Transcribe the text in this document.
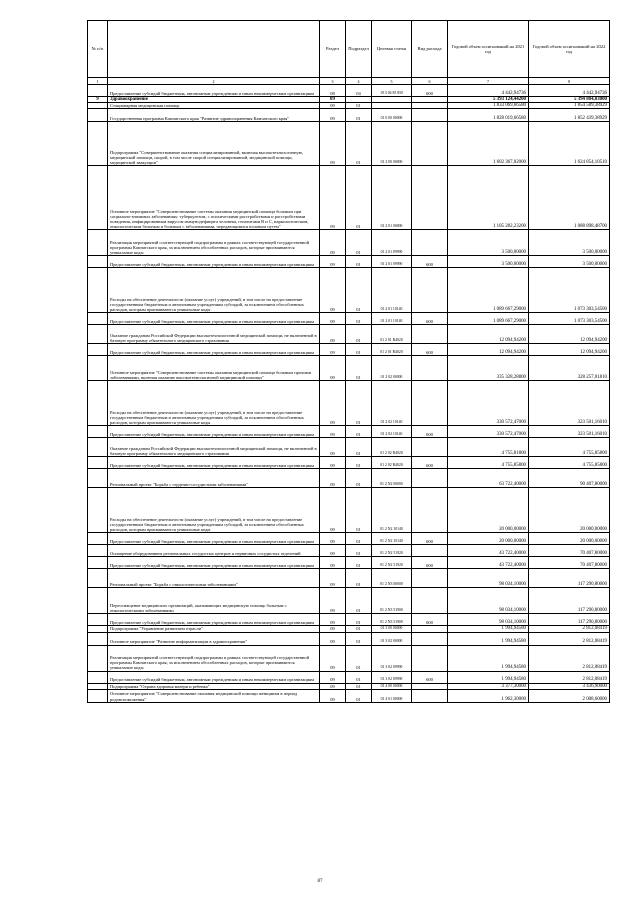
№ п/п		Раздел	Подраздел	Целевая статья	Вид расхода	Годовой объем ассигнований на 2021 год	Годовой объем ассигнований на 2022 год
1	2	3	4	5	6	7	8
	Предоставление субсидий бюджетным, автономным учреждениям и иным некоммерческим организациям	08	04	19 3 04 85 850	600	4 442,94736	4 442,94736
9	Здравоохранение	09				5 393 124,44200	5 394 804,03000
	Стационарная медицинская помощь	09	01			1 833 069,66580	1 854 589,38929
	Государственная программа Камчатского края "Развитие здравоохранения Камчатского края"	09	01	01 0 00 00000		1 828 019,66580	1 852 439,38929
	Подпрограмма "Совершенствование оказания специализированной, включая высокотехнологичную, медицинской помощи, скорой, в том числе скорой специализированной, медицинской помощи, медицинской эвакуации"	09	01	01 2 00 00000		1 602 367,02000	1 624 854,10510
	Основное мероприятие "Совершенствование системы оказания медицинской помощи больным при социально-значимых заболеваниях: туберкулезом, с психическими расстройствами и расстройствами поведения, инфицированным вирусом иммунодефицита человека, гепатитами В и С, наркологическим, онкологическим больным и больным с заболеваниями, передающимися половым путем"	09	01	01 2 01 00000		1 105 282,23200	1 088 898,48700
	Реализация мероприятий соответствующей подпрограммы в рамках соответствующей государственной программы Камчатского края, за исключением обособленных расходов, которые присваиваются уникальные коды	09	01	01 2 01 09990		3 500,00000	3 500,00000
	Предоставление субсидий бюджетным, автономным учреждениям и иным некоммерческим организациям	09	01	01 2 01 09990	600	3 500,00000	3 500,00000
	Расходы на обеспечение деятельности (оказание услуг) учреждений, в том числе на предоставление государственным бюджетным и автономным учреждениям субсидий, за исключением обособленных расходов, которым присваиваются уникальные коды	09	01	01 2 01 10140		1 089 667,29000	1 073 303,54500
	Предоставление субсидий бюджетным, автономным учреждениям и иным некоммерческим организациям	09	01	01 2 01 10140	600	1 089 667,29000	1 073 303,54500
	Оказание гражданам Российской Федерации высокотехнологичной медицинской помощи, не включенной в базовую программу обязательного медицинского страхования	09	01	01 2 01 R4020		12 094,94200	12 094,94200
	Предоставление субсидий бюджетным, автономным учреждениям и иным некоммерческим организациям	09	01	01 2 01 R4020	600	12 094,94200	12 094,94200
	Основное мероприятие "Совершенствование системы оказания медицинской помощи больным прочими заболеваниями, включая оказание высокотехнологичной медицинской помощи"	09	01	01 2 02 00000		335 328,28800	328 257,01810
	Расходы на обеспечение деятельности (оказание услуг) учреждений, в том числе на предоставление государственным бюджетным и автономным учреждениям субсидий, за исключением обособленных расходов, которым присваиваются уникальные коды	09	01	01 2 02 10140		330 572,47000	323 501,16010
	Предоставление субсидий бюджетным, автономным учреждениям и иным некоммерческим организациям	09	01	01 2 02 10140	600	330 572,47000	323 501,16010
	Оказание гражданам Российской Федерации высокотехнологичной медицинской помощи, не включенной в базовую программу обязательного медицинского страхования	09	01	01 2 02 R4020		4 755,81800	4 755,85800
	Предоставление субсидий бюджетным, автономным учреждениям и иным некоммерческим организациям	09	01	01 2 02 R4020	600	4 755,85800	4 755,85800
	Региональный проект "Борьба с сердечно-сосудистыми заболеваниями"	09	01	01 2 N2 00000		63 722,40000	90 407,80000
	Расходы на обеспечение деятельности (оказание услуг) учреждений, в том числе на предоставление государственным бюджетным и автономным учреждениям субсидий, за исключением обособленных расходов, которым присваиваются уникальные коды	09	01	01 2 N2 10140		20 000,00000	20 000,00000
	Предоставление субсидий бюджетным, автономным учреждениям и иным некоммерческим организациям	09	01	01 2 N2 10140	600	20 000,00000	20 000,00000
	Оснащение оборудованием региональных сосудистых центров и первичных сосудистых отделений	09	01	01 2 N2 51920		43 722,40000	70 407,80000
	Предоставление субсидий бюджетным, автономным учреждениям и иным некоммерческим организациям	09	01	01 2 N2 51920	600	43 722,40000	70 407,80000
	Региональный проект "Борьба с онкологическими заболеваниями"	09	01	01 2 N3 00000		98 034,10000	117 290,80000
	Переоснащение медицинских организаций, оказывающих медицинскую помощь больным с онкологическими заболеваниями	09	01	01 2 N3 51900		98 034,10000	117 290,80000
	Предоставление субсидий бюджетным, автономным учреждениям и иным некоммерческим организациям	09	01	01 2 N3 51900	600	98 034,10000	117 290,80000
	Подпрограмма "Управление развитием отрасли"	09	01	01 3 00 00000		1 994,94580	2 812,08419
	Основное мероприятие "Развитие информатизации в здравоохранении"	09	01	01 3 02 00000		1 994,94580	2 812,08419
	Реализация мероприятий соответствующей подпрограммы в рамках соответствующей государственной программы Камчатского края, за исключением обособленных расходов, которые присваиваются уникальные коды	09	01	01 3 02 09990		1 994,94580	2 812,08419
	Предоставление субсидий бюджетным, автономным учреждениям и иным некоммерческим организациям	09	01	01 3 02 09990	600	1 994,94580	2 812,08419
	Подпрограмма "Охрана здоровья матери и ребенка"	09	01	01 4 00 00000		3 377,30000	3 436,90000
	Основное мероприятие "Совершенствование оказания медицинской помощи женщинам в период родовспоможения"	09	01	01 4 01 00000		1 962,30000	2 008,60000
87
